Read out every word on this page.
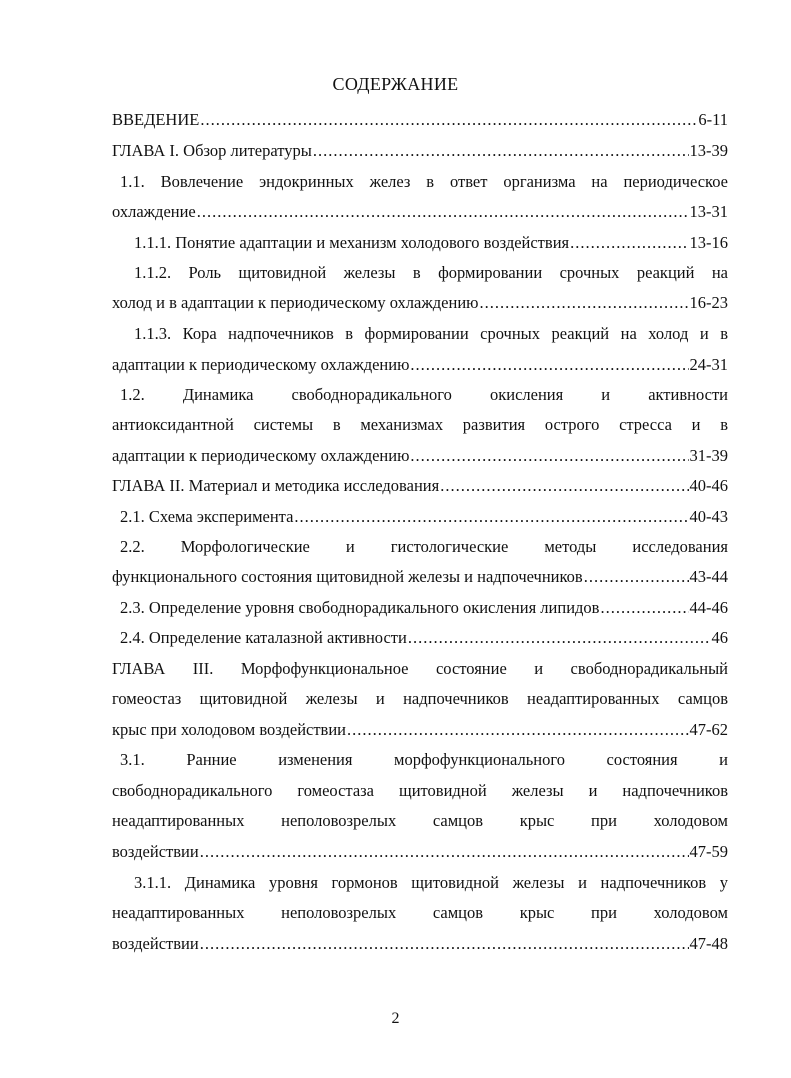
СОДЕРЖАНИЕ
ВВЕДЕНИЕ .....	6-11
ГЛАВА I. Обзор литературы .....	13-39
1.1. Вовлечение эндокринных желез в ответ организма на периодическое
охлаждение .....	13-31
1.1.1. Понятие адаптации и механизм холодового воздействия .....	13-16
1.1.2. Роль щитовидной железы в формировании срочных реакций на
холод и в адаптации к периодическому охлаждению .....	16-23
1.1.3. Кора надпочечников в формировании срочных реакций на холод и в
адаптации к периодическому охлаждению .....	24-31
1.2.   Динамика   свободнорадикального   окисления   и   активности
антиоксидантной системы в механизмах развития острого стресса и в
адаптации к периодическому охлаждению .....	31-39
ГЛАВА II. Материал и методика исследования .....	40-46
2.1. Схема эксперимента .....	40-43
2.2.   Морфологические   и   гистологические   методы   исследования
функционального состояния щитовидной железы и надпочечников .....	43-44
2.3. Определение уровня свободнорадикального окисления липидов .....	44-46
2.4. Определение каталазной активности .....	46
ГЛАВА III. Морфофункциональное состояние и свободнорадикальный
гомеостаз щитовидной железы и надпочечников неадаптированных самцов
крыс при холодовом воздействии .....	47-62
3.1.   Ранние   изменения   морфофункционального   состояния   и
свободнорадикального гомеостаза щитовидной железы и надпочечников
неадаптированных   неполовозрелых   самцов   крыс   при   холодовом
воздействии .....	47-59
3.1.1. Динамика уровня гормонов щитовидной железы и надпочечников у
неадаптированных   неполовозрелых   самцов   крыс   при   холодовом
воздействии .....	47-48
2
